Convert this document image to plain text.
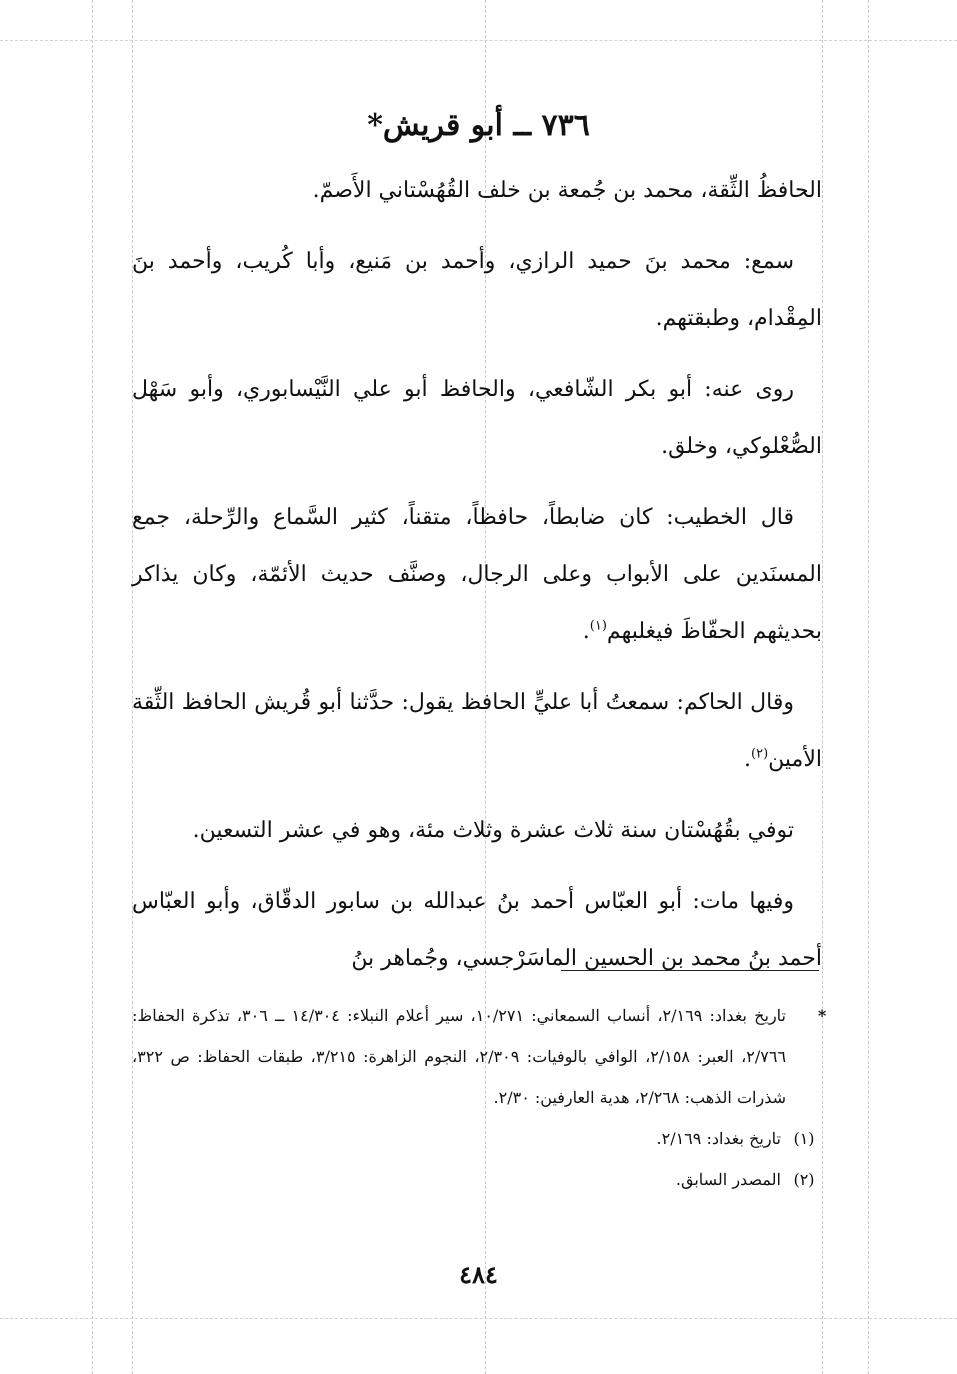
٧٣٦ ــ أبو قريش*

الحافظُ الثِّقة، محمد بن جُمعة بن خلف القُهُسْتاني الأَصمّ.

سمع: محمد بنَ حميد الرازي، وأحمد بن مَنيع، وأبا كُريب، وأحمد بنَ المِقْدام، وطبقتهم.

روى عنه: أبو بكر الشّافعي، والحافظ أبو علي النَّيْسابوري، وأبو سَهْل الصُّعْلوكي، وخلق.

قال الخطيب: كان ضابطاً، حافظاً، متقناً، كثير السَّماع والرِّحلة، جمع المسنَدين على الأبواب وعلى الرجال، وصنَّف حديث الأئمّة، وكان يذاكر بحديثهم الحفّاظَ فيغلبهم$^{(١)}$.

وقال الحاكم: سمعتُ أبا عليٍّ الحافظ يقول: حدَّثنا أبو قُريش الحافظ الثِّقة الأمين$^{(٢)}$.

توفي بقُهُسْتان سنة ثلاث عشرة وثلاث مئة، وهو في عشر التسعين.

وفيها مات: أبو العبّاس أحمد بنُ عبدالله بن سابور الدقّاق، وأبو العبّاس أحمد بنُ محمد بن الحسين الماسَرْجسي، وجُماهر بنُ

*تاريخ بغداد: ٢/١٦٩، أنساب السمعاني: ١٠/٢٧١، سير أعلام النبلاء: ١٤/٣٠٤ ــ ٣٠٦، تذكرة الحفاظ: ٢/٧٦٦، العبر: ٢/١٥٨، الوافي بالوفيات: ٢/٣٠٩، النجوم الزاهرة: ٣/٢١٥، طبقات الحفاظ: ص ٣٢٢، شذرات الذهب: ٢/٢٦٨، هدية العارفين: ٢/٣٠.

(١) تاريخ بغداد: ٢/١٦٩.

(٢) المصدر السابق.

٤٨٤
